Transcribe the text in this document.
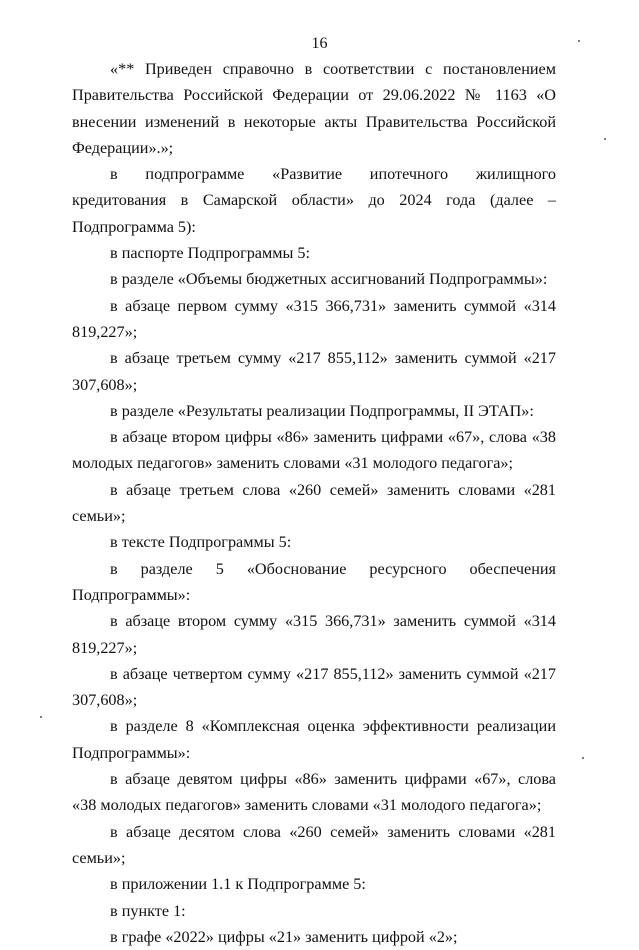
16

«** Приведен справочно в соответствии с постановлением Правительства Российской Федерации от 29.06.2022 № 1163 «О внесении изменений в некоторые акты Правительства Российской Федерации».»;

в подпрограмме «Развитие ипотечного жилищного кредитования в Самарской области» до 2024 года (далее – Подпрограмма 5):

в паспорте Подпрограммы 5:

в разделе «Объемы бюджетных ассигнований Подпрограммы»:

в абзаце первом сумму «315 366,731» заменить суммой «314 819,227»;

в абзаце третьем сумму «217 855,112» заменить суммой «217 307,608»;

в разделе «Результаты реализации Подпрограммы, II ЭТАП»:

в абзаце втором цифры «86» заменить цифрами «67», слова «38 молодых педагогов» заменить словами «31 молодого педагога»;

в абзаце третьем слова «260 семей» заменить словами «281 семьи»;

в тексте Подпрограммы 5:

в разделе 5 «Обоснование ресурсного обеспечения Подпрограммы»:

в абзаце втором сумму «315 366,731» заменить суммой «314 819,227»;

в абзаце четвертом сумму «217 855,112» заменить суммой «217 307,608»;

в разделе 8 «Комплексная оценка эффективности реализации Подпрограммы»:

в абзаце девятом цифры «86» заменить цифрами «67», слова «38 молодых педагогов» заменить словами «31 молодого педагога»;

в абзаце десятом слова «260 семей» заменить словами «281 семьи»;

в приложении 1.1 к Подпрограмме 5:

в пункте 1:

в графе «2022» цифры «21» заменить цифрой «2»;
